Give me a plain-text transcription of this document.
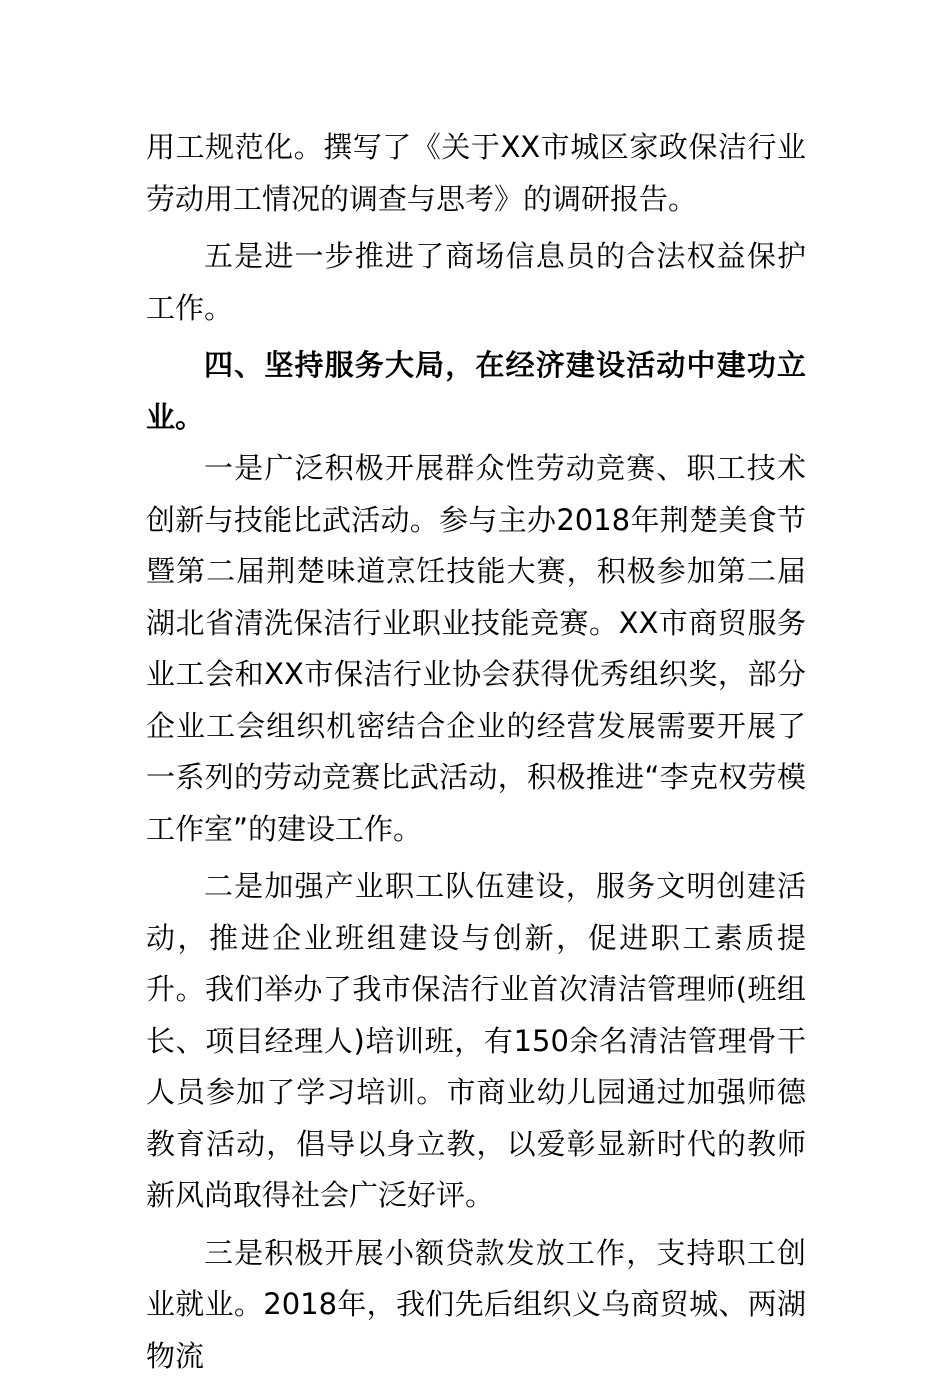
用工规范化。撰写了《关于XX市城区家政保洁行业劳动用工情况的调查与思考》的调研报告。

五是进一步推进了商场信息员的合法权益保护工作。

四、坚持服务大局，在经济建设活动中建功立业。

一是广泛积极开展群众性劳动竞赛、职工技术创新与技能比武活动。参与主办2018年荆楚美食节暨第二届荆楚味道烹饪技能大赛，积极参加第二届湖北省清洗保洁行业职业技能竞赛。XX市商贸服务业工会和XX市保洁行业协会获得优秀组织奖，部分企业工会组织机密结合企业的经营发展需要开展了一系列的劳动竞赛比武活动，积极推进“李克权劳模工作室”的建设工作。

二是加强产业职工队伍建设，服务文明创建活动，推进企业班组建设与创新，促进职工素质提升。我们举办了我市保洁行业首次清洁管理师(班组长、项目经理人)培训班，有150余名清洁管理骨干人员参加了学习培训。市商业幼儿园通过加强师德教育活动，倡导以身立教，以爱彰显新时代的教师新风尚取得社会广泛好评。

三是积极开展小额贷款发放工作，支持职工创业就业。2018年，我们先后组织义乌商贸城、两湖物流
